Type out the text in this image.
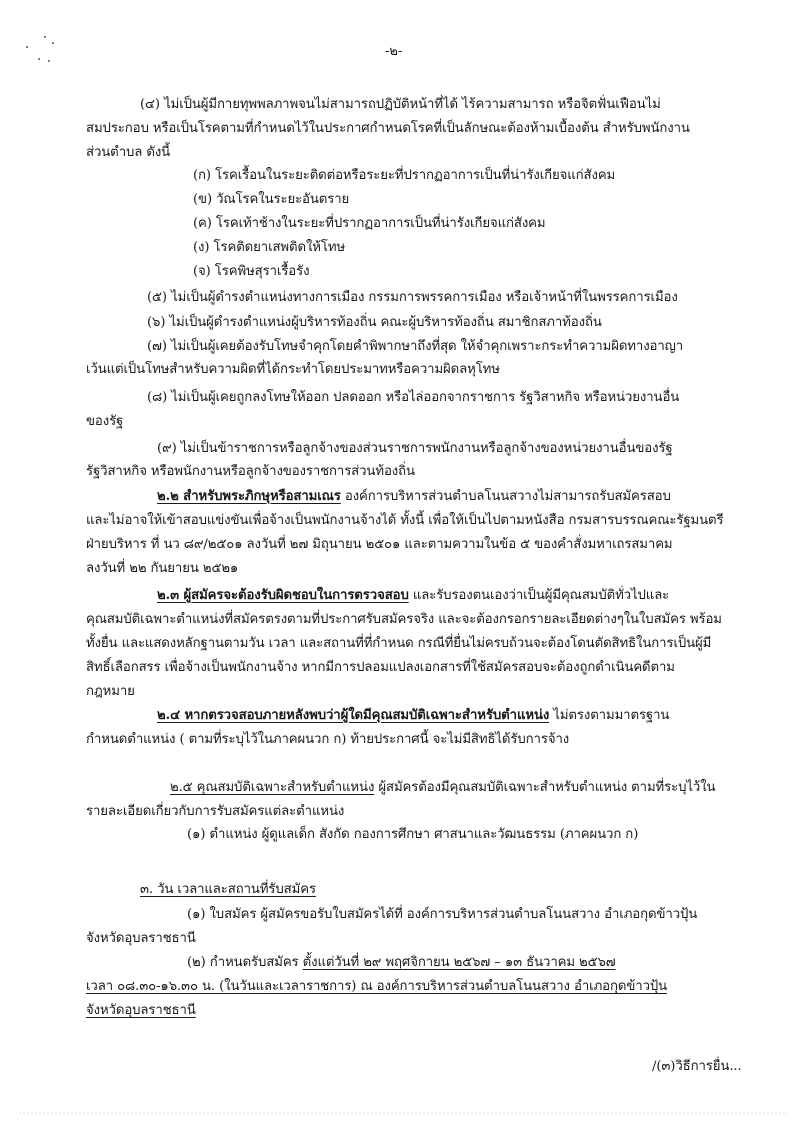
-๒-
(๔) ไม่เป็นผู้มีกายทุพพลภาพจนไม่สามารถปฏิบัติหน้าที่ได้ ไร้ความสามารถ หรือจิตฟั่นเฟือนไม่
สมประกอบ หรือเป็นโรคตามที่กำหนดไว้ในประกาศกำหนดโรคที่เป็นลักษณะต้องห้ามเบื้องต้น สำหรับพนักงาน
ส่วนตำบล ดังนี้
(ก) โรคเรื้อนในระยะติดต่อหรือระยะที่ปรากฏอาการเป็นที่น่ารังเกียจแก่สังคม
(ข) วัณโรคในระยะอันตราย
(ค) โรคเท้าช้างในระยะที่ปรากฏอาการเป็นที่น่ารังเกียจแก่สังคม
(ง) โรคติดยาเสพติดให้โทษ
(จ) โรคพิษสุราเรื้อรัง
(๕) ไม่เป็นผู้ดำรงตำแหน่งทางการเมือง กรรมการพรรคการเมือง หรือเจ้าหน้าที่ในพรรคการเมือง
(๖) ไม่เป็นผู้ดำรงตำแหน่งผู้บริหารท้องถิ่น คณะผู้บริหารท้องถิ่น สมาชิกสภาท้องถิ่น
(๗) ไม่เป็นผู้เคยต้องรับโทษจำคุกโดยคำพิพากษาถึงที่สุด ให้จำคุกเพราะกระทำความผิดทางอาญา
เว้นแต่เป็นโทษสำหรับความผิดที่ได้กระทำโดยประมาทหรือความผิดลหุโทษ
(๘) ไม่เป็นผู้เคยถูกลงโทษให้ออก ปลดออก หรือไล่ออกจากราชการ รัฐวิสาหกิจ หรือหน่วยงานอื่น
ของรัฐ
(๙) ไม่เป็นข้าราชการหรือลูกจ้างของส่วนราชการพนักงานหรือลูกจ้างของหน่วยงานอื่นของรัฐ
รัฐวิสาหกิจ หรือพนักงานหรือลูกจ้างของราชการส่วนท้องถิ่น
๒.๒ สำหรับพระภิกษุหรือสามเณร องค์การบริหารส่วนตำบลโนนสวางไม่สามารถรับสมัครสอบ
และไม่อาจให้เข้าสอบแข่งขันเพื่อจ้างเป็นพนักงานจ้างได้ ทั้งนี้ เพื่อให้เป็นไปตามหนังสือ กรมสารบรรณคณะรัฐมนตรี
ฝ่ายบริหาร ที่ นว ๘๙/๒๕๐๑ ลงวันที่ ๒๗ มิถุนายน ๒๕๐๑ และตามความในข้อ ๕ ของคำสั่งมหาเถรสมาคม
ลงวันที่ ๒๒ กันยายน ๒๕๒๑
๒.๓ ผู้สมัครจะต้องรับผิดชอบในการตรวจสอบ และรับรองตนเองว่าเป็นผู้มีคุณสมบัติทั่วไปและ
คุณสมบัติเฉพาะตำแหน่งที่สมัครตรงตามที่ประกาศรับสมัครจริง และจะต้องกรอกรายละเอียดต่างๆในใบสมัคร พร้อม
ทั้งยื่น และแสดงหลักฐานตามวัน เวลา และสถานที่ที่กำหนด กรณีที่ยื่นไม่ครบถ้วนจะต้องโดนตัดสิทธิในการเป็นผู้มี
สิทธิ์เลือกสรร เพื่อจ้างเป็นพนักงานจ้าง หากมีการปลอมแปลงเอกสารที่ใช้สมัครสอบจะต้องถูกดำเนินคดีตาม
กฎหมาย
๒.๔ หากตรวจสอบภายหลังพบว่าผู้ใดมีคุณสมบัติเฉพาะสำหรับตำแหน่ง ไม่ตรงตามมาตรฐาน
กำหนดตำแหน่ง ( ตามที่ระบุไว้ในภาคผนวก ก) ท้ายประกาศนี้ จะไม่มีสิทธิได้รับการจ้าง
๒.๕ คุณสมบัติเฉพาะสำหรับตำแหน่ง ผู้สมัครต้องมีคุณสมบัติเฉพาะสำหรับตำแหน่ง ตามที่ระบุไว้ใน
รายละเอียดเกี่ยวกับการรับสมัครแต่ละตำแหน่ง
(๑) ตำแหน่ง ผู้ดูแลเด็ก สังกัด กองการศึกษา ศาสนาและวัฒนธรรม (ภาคผนวก ก)
๓. วัน เวลาและสถานที่รับสมัคร
(๑) ใบสมัคร ผู้สมัครขอรับใบสมัครได้ที่ องค์การบริหารส่วนตำบลโนนสวาง อำเภอกุดข้าวปุ้น
จังหวัดอุบลราชธานี
(๒) กำหนดรับสมัคร ตั้งแต่วันที่ ๒๙ พฤศจิกายน ๒๕๖๗ – ๑๓ ธันวาคม ๒๕๖๗
เวลา ๐๘.๓๐-๑๖.๓๐ น. (ในวันและเวลาราชการ) ณ องค์การบริหารส่วนตำบลโนนสวาง อำเภอกุดข้าวปุ้น
จังหวัดอุบลราชธานี
/(๓)วิธีการยื่น...
